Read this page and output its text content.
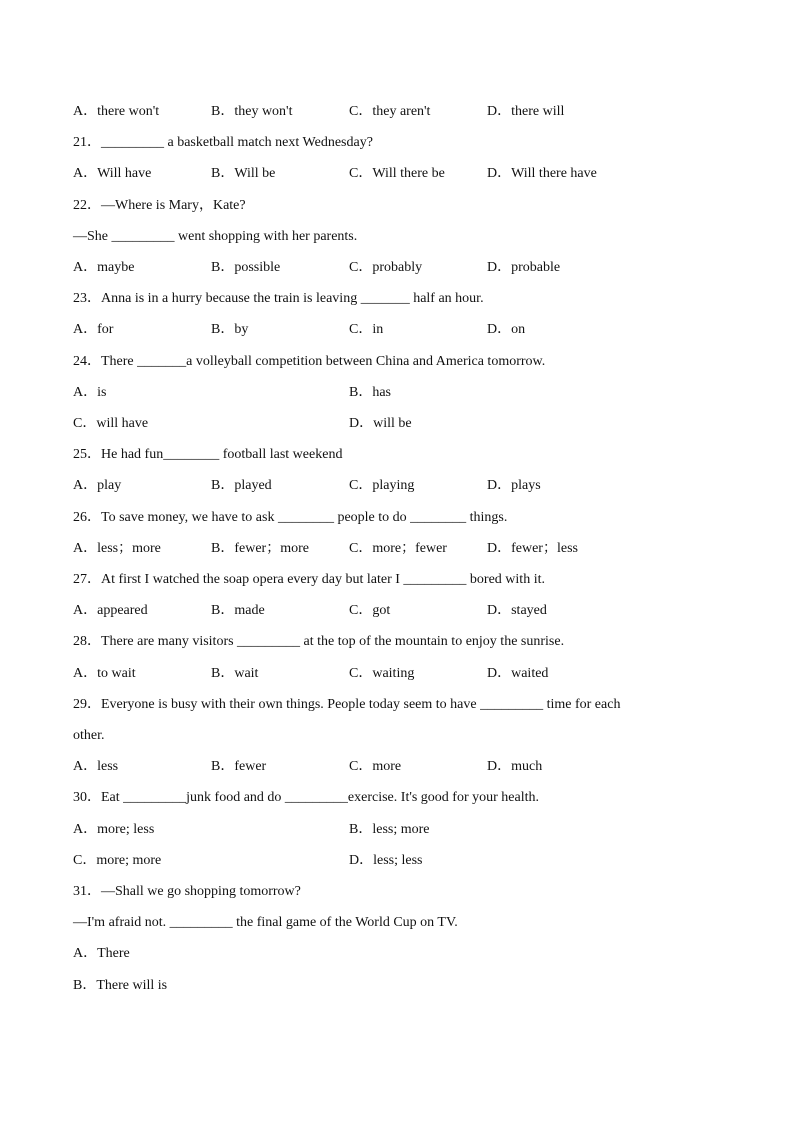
A．there won't	B．they won't	C．they aren't	D．there will
21．_________ a basketball match next Wednesday?
A．Will have	B．Will be	C．Will there be	D．Will there have
22．—Where is Mary，Kate?
—She _________ went shopping with her parents.
A．maybe	B．possible	C．probably	D．probable
23．Anna is in a hurry because the train is leaving _______ half an hour.
A．for	B．by	C．in	D．on
24．There _______a volleyball competition between China and America tomorrow.
A．is	B．has
C．will have	D．will be
25．He had fun________ football last weekend
A．play	B．played	C．playing	D．plays
26．To save money, we have to ask ________ people to do ________ things.
A．less；more	B．fewer；more	C．more；fewer	D．fewer；less
27．At first I watched the soap opera every day but later I _________ bored with it.
A．appeared	B．made	C．got	D．stayed
28．There are many visitors _________ at the top of the mountain to enjoy the sunrise.
A．to wait	B．wait	C．waiting	D．waited
29．Everyone is busy with their own things. People today seem to have _________ time for each
other.
A．less	B．fewer	C．more	D．much
30．Eat _________junk food and do _________exercise. It's good for your health.
A．more; less	B．less; more
C．more; more	D．less; less
31．—Shall we go shopping tomorrow?
—I'm afraid not. _________ the final game of the World Cup on TV.
A．There
B．There will is
